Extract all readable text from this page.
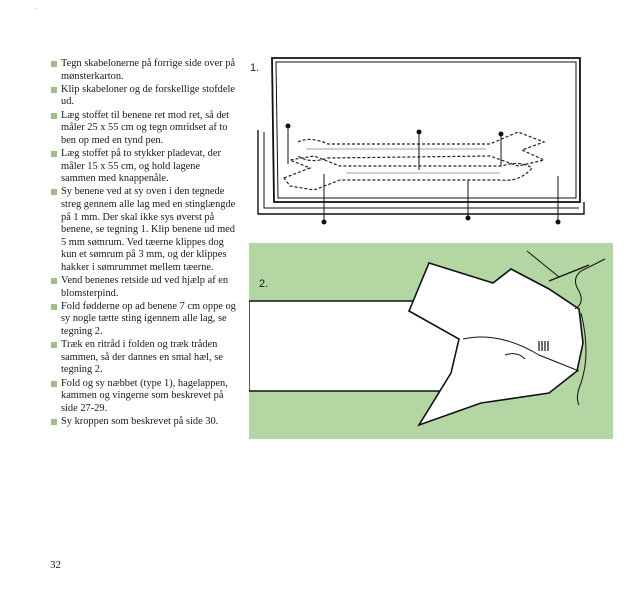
‾
Tegn skabelonerne på forrige side over på mønsterkarton.
Klip skabeloner og de forskellige stofdele ud.
Læg stoffet til benene ret mod ret, så det måler 25 x 55 cm og tegn omridset af to ben op med en tynd pen.
Læg stoffet på to stykker pladevat, der måler 15 x 55 cm, og hold lagene sammen med knappenåle.
Sy benene ved at sy oven i den tegnede streg gennem alle lag med en stinglængde på 1 mm. Der skal ikke sys øverst på benene, se tegning 1. Klip benene ud med 5 mm sømrum. Ved tæerne klippes dog kun et sømrum på 3 mm, og der klippes hakker i sømrummet mellem tæerne.
Vend benenes retside ud ved hjælp af en blomsterpind.
Fold fødderne op ad benene 7 cm oppe og sy nogle tætte sting igennem alle lag, se tegning 2.
Træk en ritråd i folden og træk tråden sammen, så der dannes en smal hæl, se tegning 2.
Fold og sy næbbet (type 1), hagelappen, kammen og vingerne som beskrevet på side 27-29.
Sy kroppen som beskrevet på side 30.
32
1.
2.
